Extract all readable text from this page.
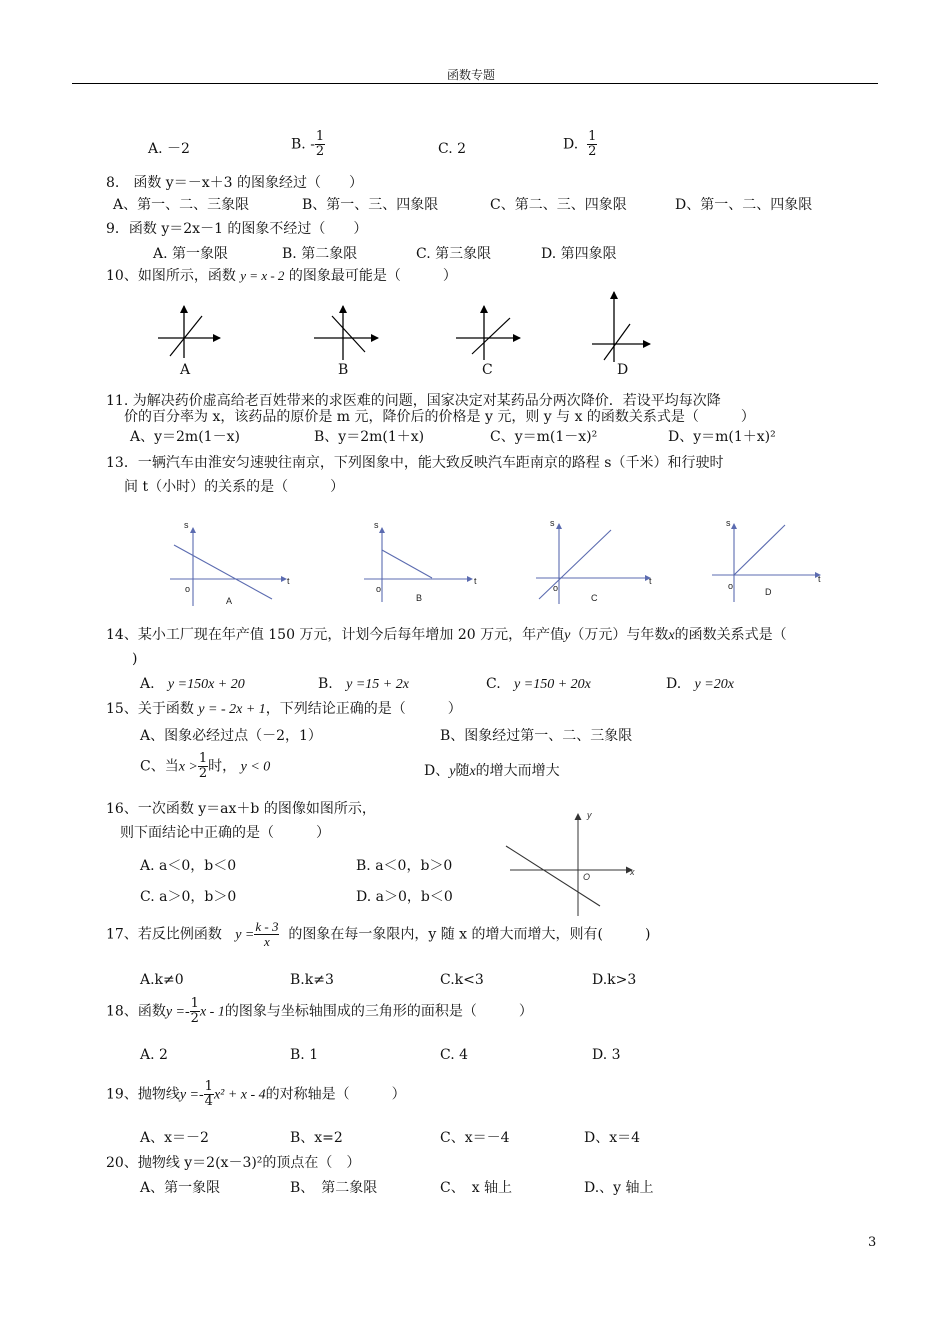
函数专题
A. －2	B. - $\frac{1}{2}$	C. 2	D. $\frac{1}{2}$
8.　函数 y＝－x＋3 的图象经过（　　）
A、第一、二、三象限	B、第一、三、四象限	C、第二、三、四象限	D、第一、二、四象限
9．函数 y＝2x－1 的图象不经过（　　）
A. 第一象限	B. 第二象限	C. 第三象限	D. 第四象限
10、如图所示，函数 y = x - 2 的图象最可能是（　　　）
A	B	C	D
11. 为解决药价虚高给老百姓带来的求医难的问题，国家决定对某药品分两次降价．若设平均每次降
价的百分率为 x，该药品的原价是 m 元，降价后的价格是 y 元，则 y 与 x 的函数关系式是（　　　）
A、y＝2m(1－x)	B、y＝2m(1＋x)	C、y＝m(1－x)²	D、y＝m(1＋x)²
13．一辆汽车由淮安匀速驶往南京，下列图象中，能大致反映汽车距南京的路程 s（千米）和行驶时
间 t（小时）的关系的是（　　　）
s
t
o
A
s
t
o
B
s
t
o
C
s
t
o
D
14、某小工厂现在年产值 150 万元，计划今后每年增加 20 万元，年产值y（万元）与年数x的函数关系式是（
)
A. y =150x + 20	B. y =15 + 2x	C. y =150 + 20x	D. y =20x
15、关于函数 y = - 2x + 1，下列结论正确的是（　　　）
A、图象必经过点（－2，1）	B、图象经过第一、二、三象限
C、当$x > \frac{1}{2}$ 时， y < 0	D、y随x的增大而增大
16、一次函数 y＝ax＋b 的图像如图所示，
则下面结论中正确的是（　　　）
A. a＜0，b＜0	B. a＜0，b＞0
C. a＞0，b＞0	D. a＞0，b＜0
y
x
O
17、若反比例函数 $y = \frac{k - 3}{x}$ 的图象在每一象限内，y 随 x 的增大而增大，则有(　　　)
A.k≠0	B.k≠3	C.k<3	D.k>3
18、函数$y =- \frac{1}{2}$ x - 1的图象与坐标轴围成的三角形的面积是（　　　）
A. 2	B. 1	C. 4	D. 3
19、抛物线$y =- \frac{1}{4} x^2 + x - 4$的对称轴是（　　　）
A、x＝－2	B、x=2	C、x＝－4	D、x＝4
20、抛物线 y＝2(x－3)²的顶点在（　）
A、第一象限	B、　第二象限	C、　x 轴上	D.、y 轴上
3
